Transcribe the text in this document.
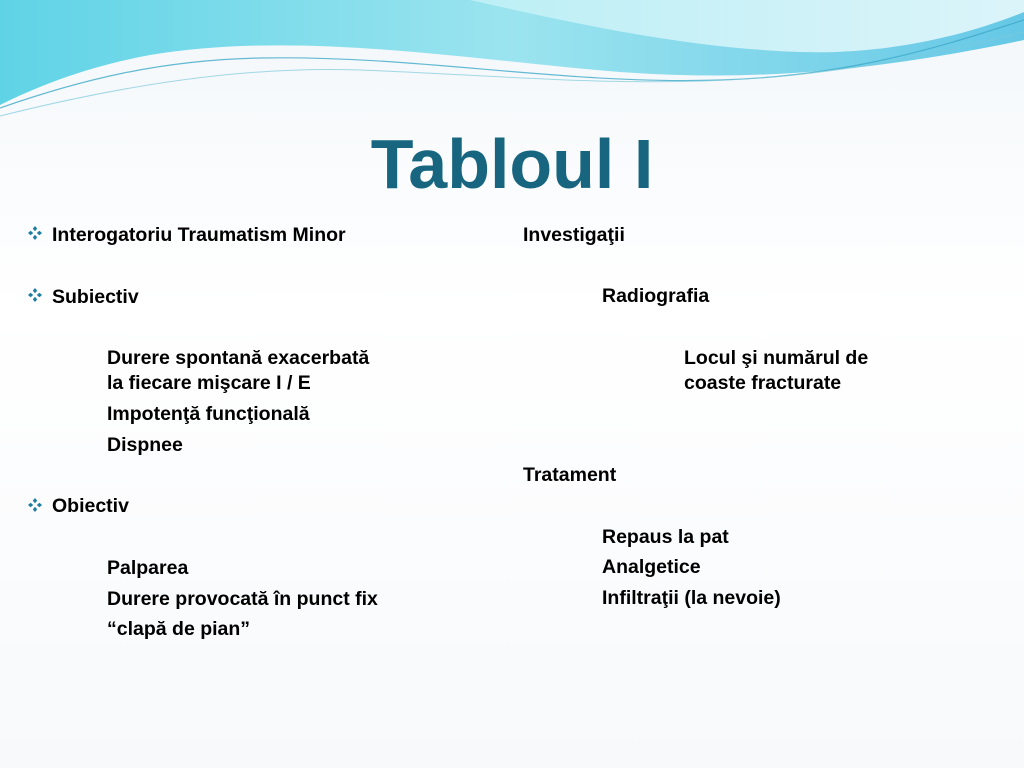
Tabloul I
Interogatoriu Traumatism Minor
Subiectiv
Durere spontană exacerbată
la fiecare mişcare I / E
Impotenţă funcţională
Dispnee
Obiectiv
Palparea
Durere provocată în punct fix
“clapă de pian”
Investigaţii
Radiografia
Locul şi numărul de
coaste fracturate
Tratament
Repaus la pat
Analgetice
Infiltraţii (la nevoie)
